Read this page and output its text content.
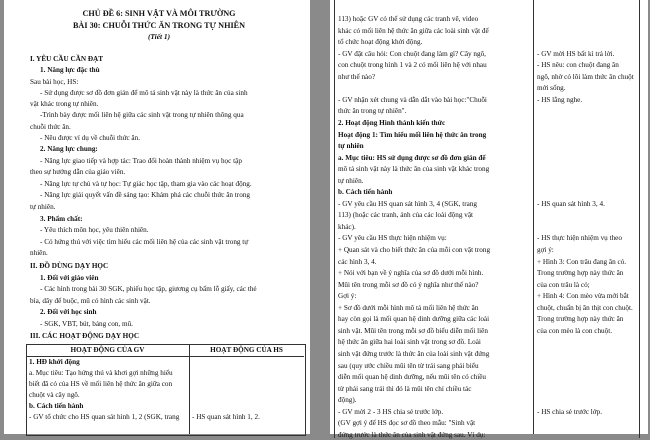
CHỦ ĐỀ 6: SINH VẬT VÀ MÔI TRƯỜNG
BÀI 30: CHUỖI THỨC ĂN TRONG TỰ NHIÊN
(Tiết 1)
I. YÊU CẦU CẦN ĐẠT
1. Năng lực đặc thù
Sau bài học, HS:
- Sử dụng được sơ đồ đơn giản để mô tả sinh vật này là thức ăn của sinh
vật khác trong tự nhiên.
-Trình bày được mối liên hệ giữa các sinh vật trong tự nhiên thông qua
chuỗi thức ăn.
- Nêu được ví dụ về chuỗi thức ăn.
2. Năng lực chung:
- Năng lực giao tiếp và hợp tác: Trao đổi hoàn thành nhiệm vụ học tập
theo sự hướng dẫn của giáo viên.
- Năng lực tự chủ và tự học: Tự giác học tập, tham gia vào các hoạt động.
- Năng lực giải quyết vấn đề sáng tạo: Khám phá các chuỗi thức ăn trong
tự nhiên.
3. Phẩm chất:
- Yêu thích môn học, yêu thiên nhiên.
- Có hứng thú với việc tìm hiểu các mối liên hệ của các sinh vật trong tự
nhiên.
II. ĐỒ DÙNG DẠY HỌC
1. Đối với giáo viên
- Các hình trong bài 30 SGK, phiếu học tập, giương cụ bấm lỗ giấy, các thẻ
bìa, dây để buộc, mũ có hình các sinh vật.
2. Đối với học sinh
- SGK, VBT, bút, bảng con, mũ.
III. CÁC HOẠT ĐỘNG DẠY HỌC
HOẠT ĐỘNG CỦA GV	HOẠT ĐỘNG CỦA HS
1. HĐ khởi động
a. Mục tiêu: Tạo hứng thú và khơi gợi những hiểu
biết đã có của HS về mối liên hệ thức ăn giữa con
chuột và cây ngô.
b. Cách tiến hành
- GV tổ chức cho HS quan sát hình 1, 2 (SGK, trang - HS quan sát hình 1, 2.
113) hoặc GV có thể sử dụng các tranh vẽ, video
khác có mối liên hệ thức ăn giữa các loài sinh vật để
tổ chức hoạt động khởi động.
- GV đặt câu hỏi: Con chuột đang làm gì? Cây ngô,
con chuột trong hình 1 và 2 có mối liên hệ với nhau
như thế nào?
- GV nhận xét chung và dẫn dắt vào bài học:"Chuỗi
thức ăn trong tự nhiên".
2. Hoạt động Hình thành kiến thức
Hoạt động 1: Tìm hiểu mối liên hệ thức ăn trong
tự nhiên
a. Mục tiêu: HS sử dụng được sơ đồ đơn giản để
mô tả sinh vật này là thức ăn của sinh vật khác trong
tự nhiên.
b. Cách tiến hành
- GV yêu cầu HS quan sát hình 3, 4 (SGK, trang
113) (hoặc các tranh, ảnh của các loài động vật
khác).
- GV yêu cầu HS thực hiện nhiệm vụ:
+ Quan sát và cho biết thức ăn của mỗi con vật trong
các hình 3, 4.
+ Nói với bạn về ý nghĩa của sơ đồ dưới mỗi hình.
Mũi tên trong mỗi sơ đồ có ý nghĩa như thế nào?
Gợi ý:
+ Sơ đồ dưới mỗi hình mô tả mối liên hệ thức ăn
hay còn gọi là mối quan hệ dinh dưỡng giữa các loài
sinh vật. Mũi tên trong mỗi sơ đồ biểu diễn mối liên
hệ thức ăn giữa hai loài sinh vật trong sơ đồ. Loài
sinh vật đứng trước là thức ăn của loài sinh vật đứng
sau (quy ước chiều mũi tên từ trái sang phải biểu
diễn mối quan hệ dinh dưỡng, nếu mũi tên có chiều
từ phải sang trái thì đó là mũi tên chỉ chiều tác
động).
- GV mời 2 - 3 HS chia sẻ trước lớp.
(GV gợi ý để HS đọc sơ đồ theo mẫu: "Sinh vật
đứng trước là thức ăn của sinh vật đứng sau. Ví dụ:
- GV mời HS bất kì trả lời.
- HS nêu: con chuột đang ăn
ngô, nhờ có lõi làm thức ăn chuột
mới sống.
- HS lắng nghe.
- HS quan sát hình 3, 4.
- HS thực hiện nhiệm vụ theo
gợi ý:
+ Hình 3: Con trâu đang ăn cỏ.
Trong trường hợp này thức ăn
của con trâu là cỏ;
+ Hình 4: Con mèo vừa mới bắt
chuột, chuẩn bị ăn thịt con chuột.
Trong trường hợp này thức ăn
của con mèo là con chuột.
- HS chia sẻ trước lớp.
